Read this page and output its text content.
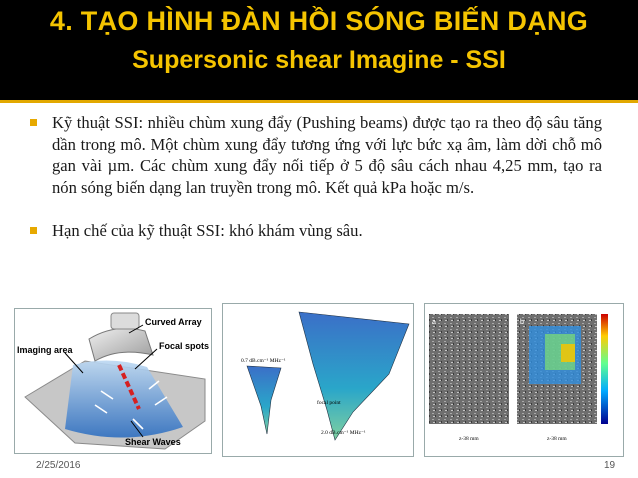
4. TẠO HÌNH ĐÀN HỒI SÓNG BIẾN DẠNG
Supersonic shear Imagine - SSI
Kỹ thuật SSI: nhiều chùm xung đẩy (Pushing beams) được tạo ra theo độ sâu tăng dần trong mô. Một chùm xung đẩy tương ứng với lực bức xạ âm, làm dời chỗ mô gan vài µm. Các chùm xung đẩy nối tiếp ở 5 độ sâu cách nhau 4,25 mm, tạo ra nón sóng biến dạng lan truyền trong mô. Kết quả kPa hoặc m/s.
Hạn chế của kỹ thuật SSI: khó khám vùng sâu.
Curved Array
Focal spots
Imaging area
Shear Waves
0.7 dB.cm⁻¹ MHz⁻¹
focal point
2.0 dB.cm⁻¹ MHz⁻¹
a	b
z-38 mm	z-38 mm
2/25/2016	19
